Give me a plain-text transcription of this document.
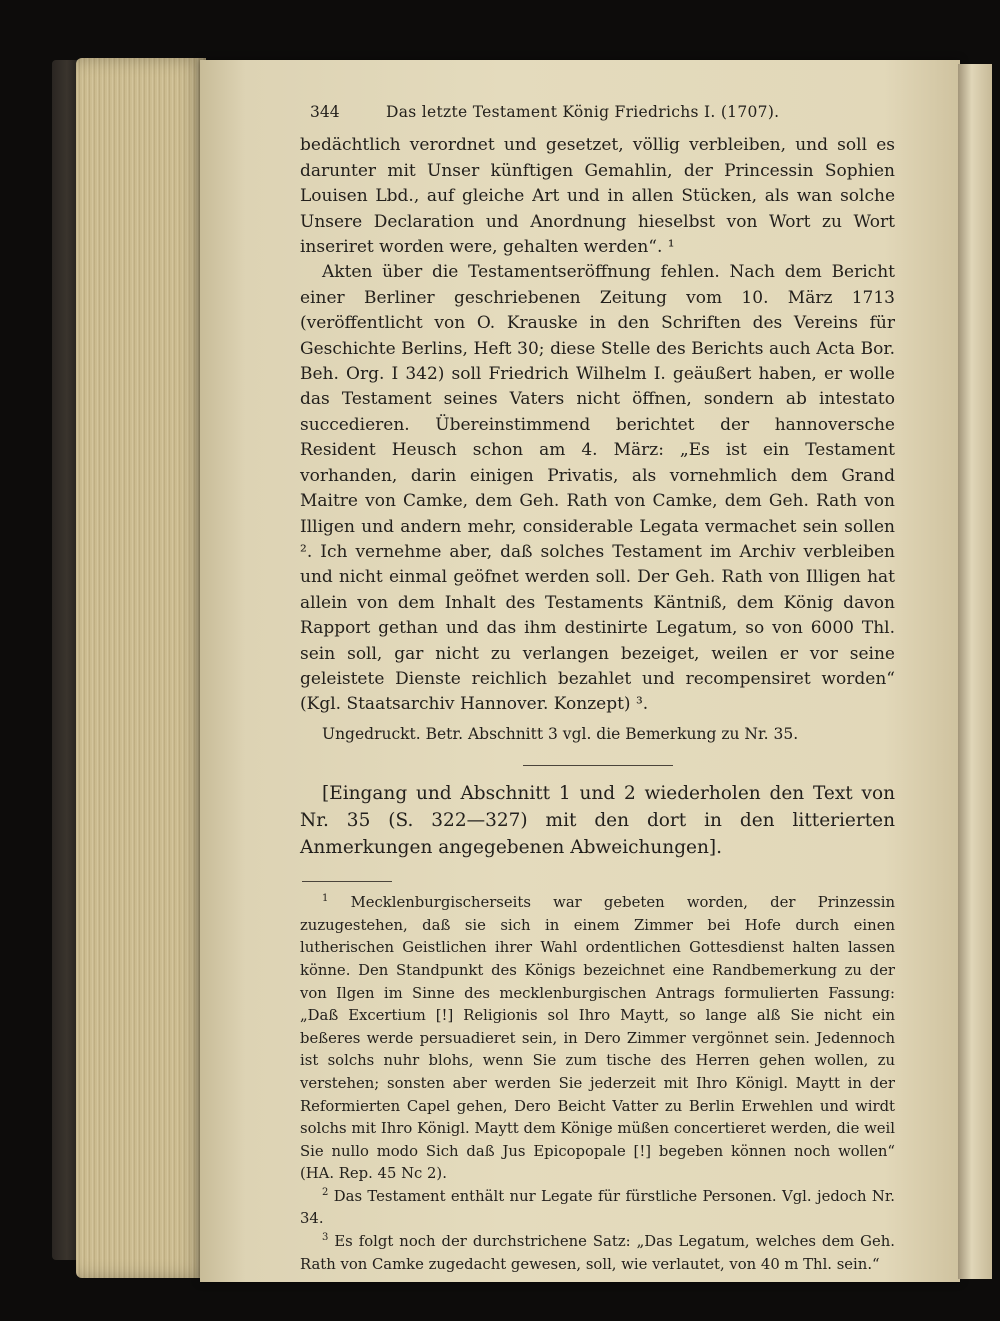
344	Das letzte Testament König Friedrichs I. (1707).

bedächtlich verordnet und gesetzet, völlig verbleiben, und soll es darunter mit Unser künftigen Gemahlin, der Princessin Sophien Louisen Lbd., auf gleiche Art und in allen Stücken, als wan solche Unsere Declaration und Anordnung hieselbst von Wort zu Wort inseriret worden were, gehalten werden“. ¹

Akten über die Testamentseröffnung fehlen. Nach dem Bericht einer Berliner geschriebenen Zeitung vom 10. März 1713 (veröffentlicht von O. Krauske in den Schriften des Vereins für Geschichte Berlins, Heft 30; diese Stelle des Berichts auch Acta Bor. Beh. Org. I 342) soll Friedrich Wilhelm I. geäußert haben, er wolle das Testament seines Vaters nicht öffnen, sondern ab intestato succedieren. Übereinstimmend berichtet der hannoversche Resident Heusch schon am 4. März: „Es ist ein Testament vorhanden, darin einigen Privatis, als vornehmlich dem Grand Maitre von Camke, dem Geh. Rath von Camke, dem Geh. Rath von Illigen und andern mehr, considerable Legata vermachet sein sollen ². Ich vernehme aber, daß solches Testament im Archiv verbleiben und nicht einmal geöfnet werden soll. Der Geh. Rath von Illigen hat allein von dem Inhalt des Testaments Käntniß, dem König davon Rapport gethan und das ihm destinirte Legatum, so von 6000 Thl. sein soll, gar nicht zu verlangen bezeiget, weilen er vor seine geleistete Dienste reichlich bezahlet und recompensiret worden“ (Kgl. Staatsarchiv Hannover. Konzept) ³.

Ungedruckt. Betr. Abschnitt 3 vgl. die Bemerkung zu Nr. 35.

[Eingang und Abschnitt 1 und 2 wiederholen den Text von Nr. 35 (S. 322—327) mit den dort in den litterierten Anmerkungen angegebenen Abweichungen].

$^1$ Mecklenburgischerseits war gebeten worden, der Prinzessin zuzugestehen, daß sie sich in einem Zimmer bei Hofe durch einen lutherischen Geistlichen ihrer Wahl ordentlichen Gottesdienst halten lassen könne. Den Standpunkt des Königs bezeichnet eine Randbemerkung zu der von Ilgen im Sinne des mecklenburgischen Antrags formulierten Fassung: „Daß Excertium [!] Religionis sol Ihro Maytt, so lange alß Sie nicht ein beßeres werde persuadieret sein, in Dero Zimmer vergönnet sein. Jedennoch ist solchs nuhr blohs, wenn Sie zum tische des Herren gehen wollen, zu verstehen; sonsten aber werden Sie jederzeit mit Ihro Königl. Maytt in der Reformierten Capel gehen, Dero Beicht Vatter zu Berlin Erwehlen und wirdt solchs mit Ihro Königl. Maytt dem Könige müßen concertieret werden, die weil Sie nullo modo Sich daß Jus Epicopopale [!] begeben können noch wollen“ (HA. Rep. 45 Nc 2).

$^2$ Das Testament enthält nur Legate für fürstliche Personen. Vgl. jedoch Nr. 34.

$^3$ Es folgt noch der durchstrichene Satz: „Das Legatum, welches dem Geh. Rath von Camke zugedacht gewesen, soll, wie verlautet, von 40 m Thl. sein.“
